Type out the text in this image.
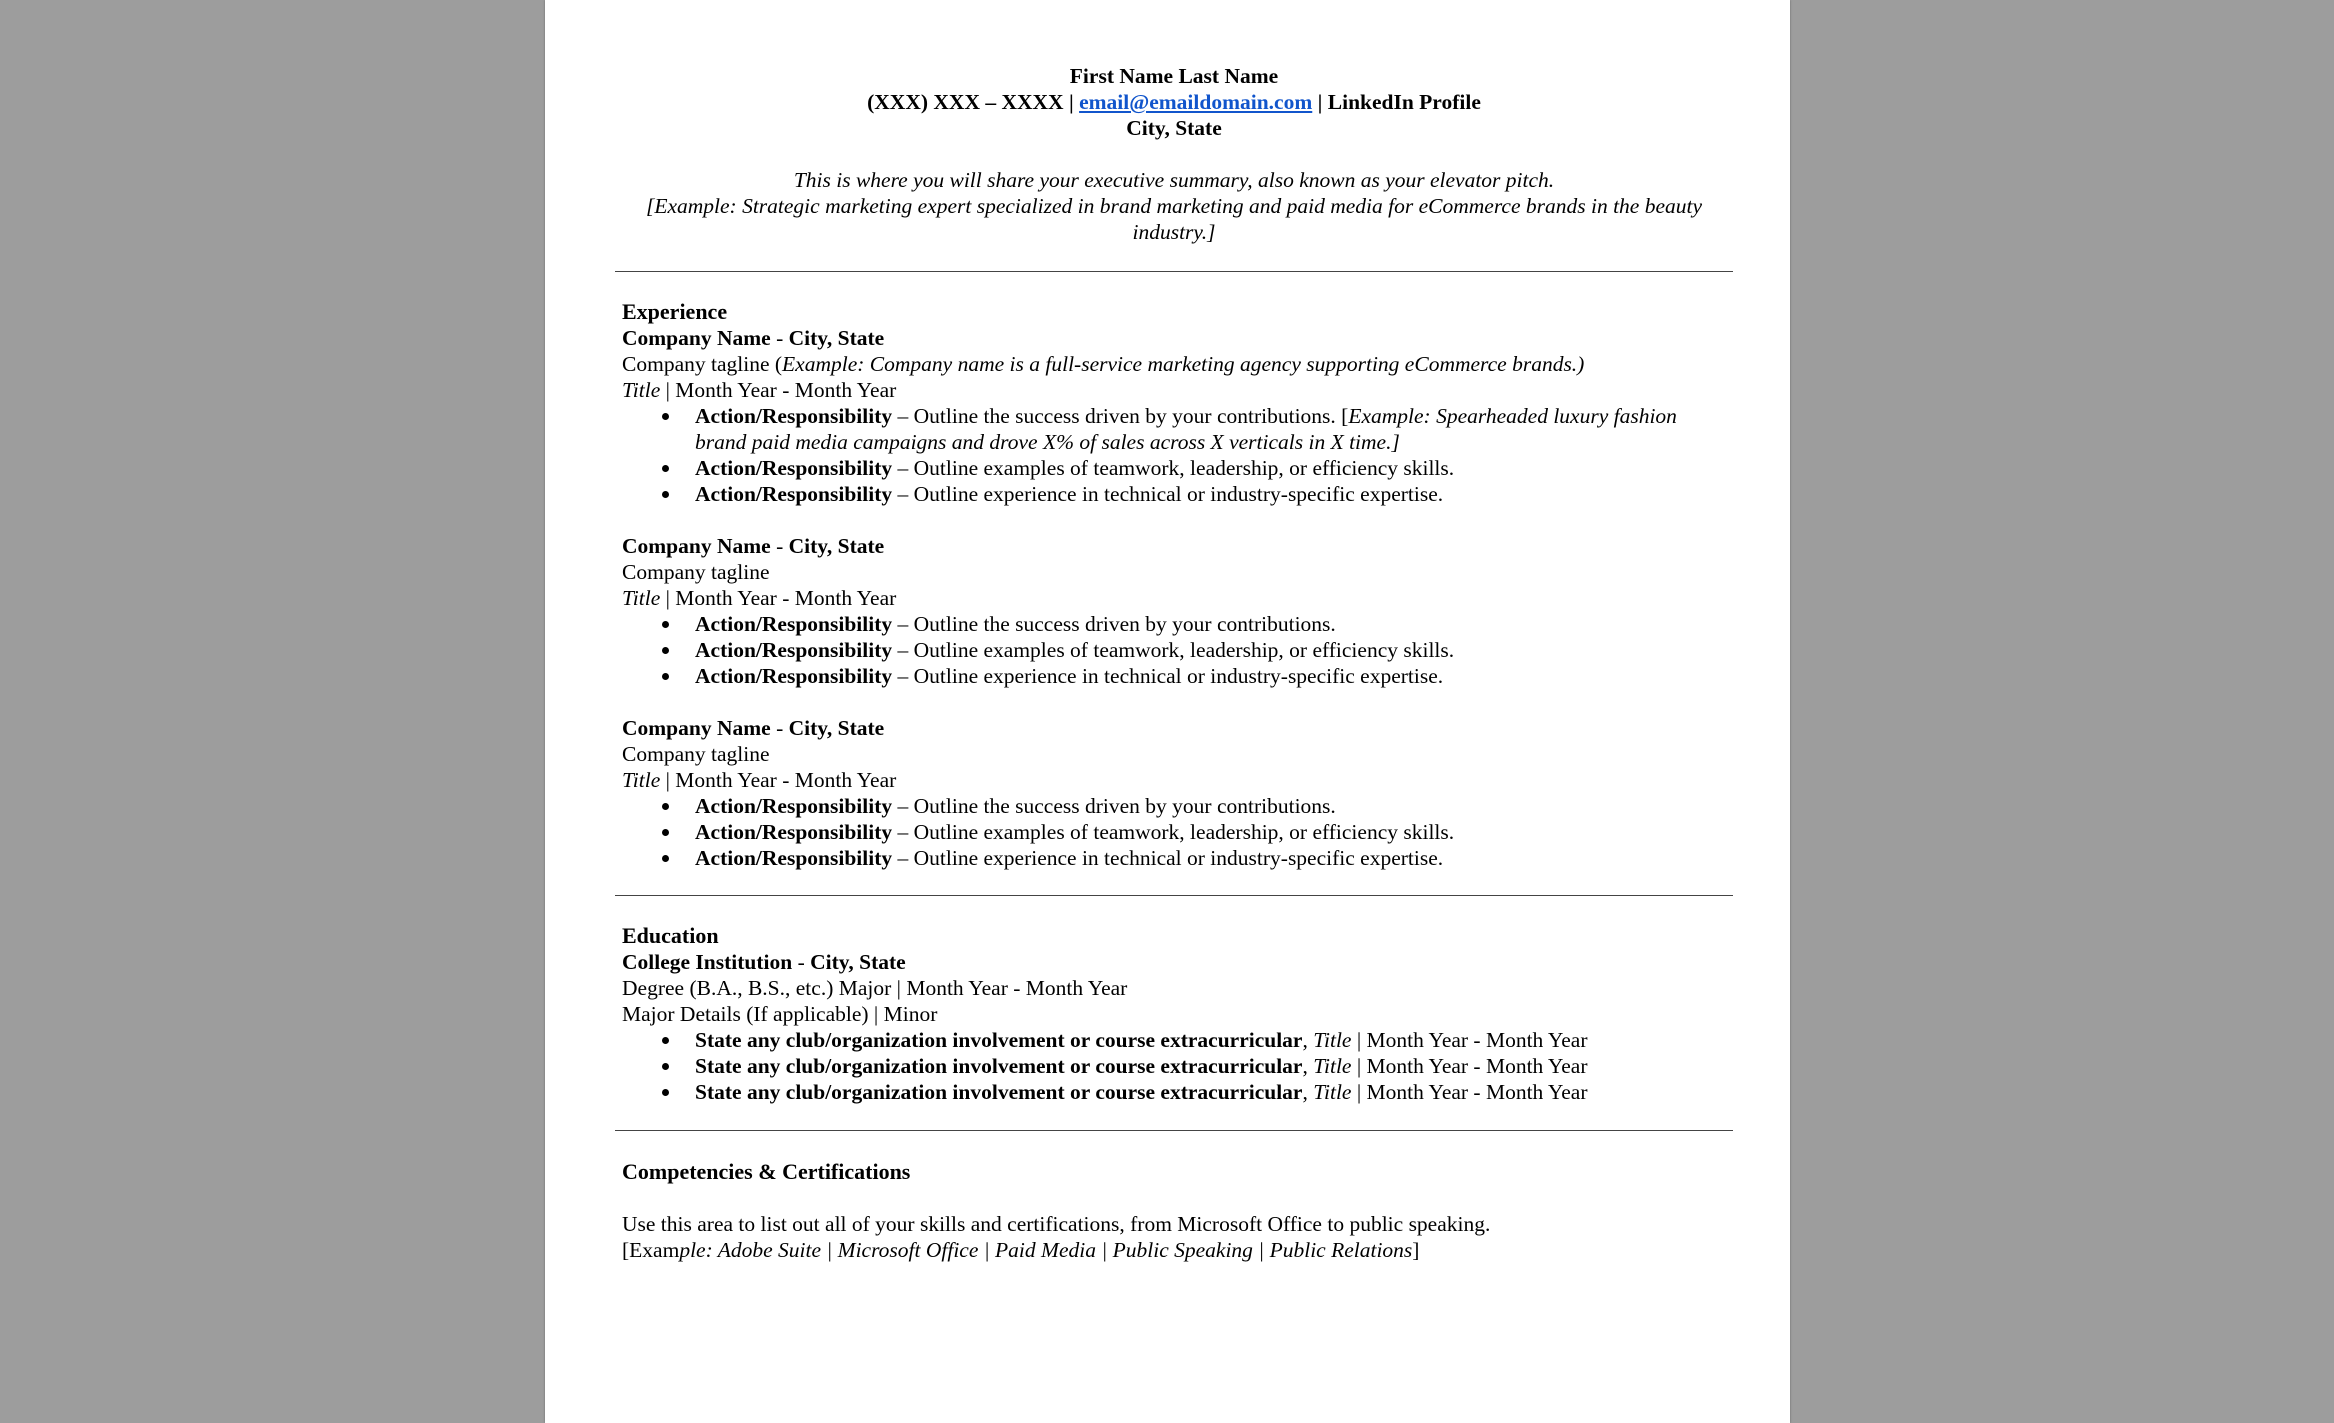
First Name Last Name
(XXX) XXX – XXXX | email@emaildomain.com | LinkedIn Profile
City, State
This is where you will share your executive summary, also known as your elevator pitch.
[Example: Strategic marketing expert specialized in brand marketing and paid media for eCommerce brands in the beauty industry.]
Experience
Company Name - City, State
Company tagline (Example: Company name is a full-service marketing agency supporting eCommerce brands.)
Title | Month Year - Month Year
Action/Responsibility – Outline the success driven by your contributions. [Example: Spearheaded luxury fashion brand paid media campaigns and drove X% of sales across X verticals in X time.]
Action/Responsibility – Outline examples of teamwork, leadership, or efficiency skills.
Action/Responsibility – Outline experience in technical or industry-specific expertise.
Company Name - City, State
Company tagline
Title | Month Year - Month Year
Action/Responsibility – Outline the success driven by your contributions.
Action/Responsibility – Outline examples of teamwork, leadership, or efficiency skills.
Action/Responsibility – Outline experience in technical or industry-specific expertise.
Company Name - City, State
Company tagline
Title | Month Year - Month Year
Action/Responsibility – Outline the success driven by your contributions.
Action/Responsibility – Outline examples of teamwork, leadership, or efficiency skills.
Action/Responsibility – Outline experience in technical or industry-specific expertise.
Education
College Institution - City, State
Degree (B.A., B.S., etc.) Major | Month Year - Month Year
Major Details (If applicable) | Minor
State any club/organization involvement or course extracurricular, Title | Month Year - Month Year
State any club/organization involvement or course extracurricular, Title | Month Year - Month Year
State any club/organization involvement or course extracurricular, Title | Month Year - Month Year
Competencies & Certifications
Use this area to list out all of your skills and certifications, from Microsoft Office to public speaking.
[Example: Adobe Suite | Microsoft Office | Paid Media | Public Speaking | Public Relations]
